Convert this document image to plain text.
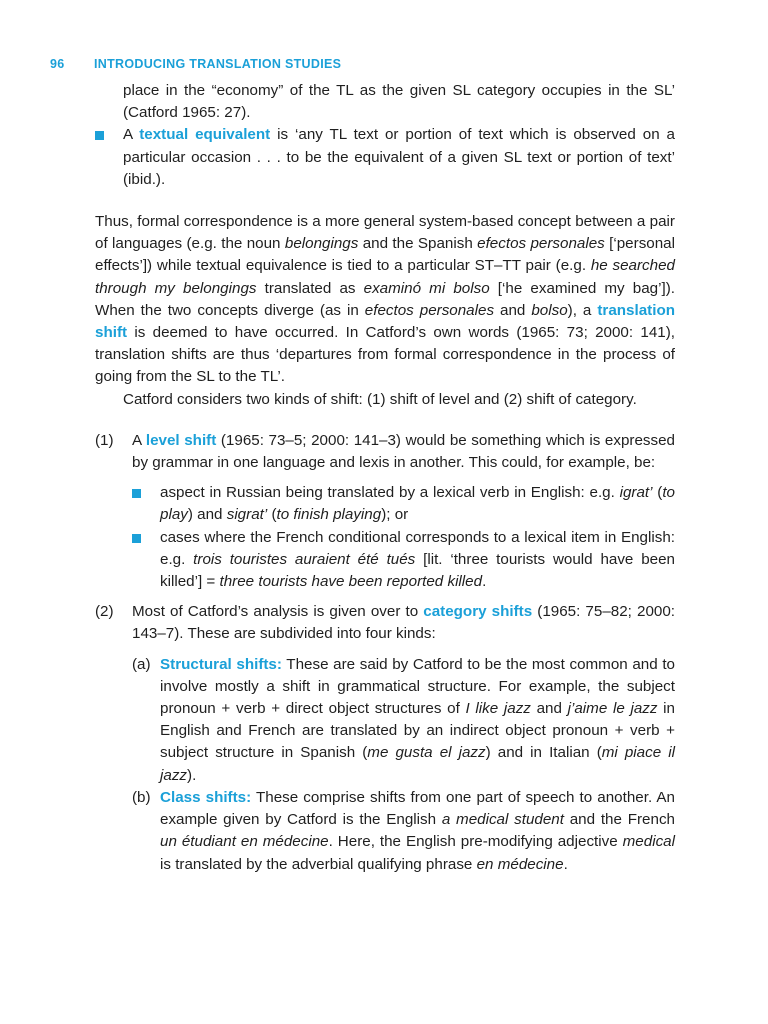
96 INTRODUCING TRANSLATION STUDIES

place in the “economy” of the TL as the given SL category occupies in the SL’ (Catford 1965: 27).

A textual equivalent is ‘any TL text or portion of text which is observed on a particular occasion . . . to be the equivalent of a given SL text or portion of text’ (ibid.).

Thus, formal correspondence is a more general system-based concept between a pair of languages (e.g. the noun belongings and the Spanish efectos personales [‘personal effects’]) while textual equivalence is tied to a particular ST–TT pair (e.g. he searched through my belongings translated as examinó mi bolso [‘he examined my bag’]). When the two concepts diverge (as in efectos personales and bolso), a translation shift is deemed to have occurred. In Catford’s own words (1965: 73; 2000: 141), translation shifts are thus ‘departures from formal correspondence in the process of going from the SL to the TL’.

Catford considers two kinds of shift: (1) shift of level and (2) shift of category.

(1) A level shift (1965: 73–5; 2000: 141–3) would be something which is expressed by grammar in one language and lexis in another. This could, for example, be:

aspect in Russian being translated by a lexical verb in English: e.g. igrat’ (to play) and sigrat’ (to finish playing); or

cases where the French conditional corresponds to a lexical item in English: e.g. trois touristes auraient été tués [lit. ‘three tourists would have been killed’] = three tourists have been reported killed.

(2) Most of Catford’s analysis is given over to category shifts (1965: 75–82; 2000: 143–7). These are subdivided into four kinds:

(a) Structural shifts: These are said by Catford to be the most common and to involve mostly a shift in grammatical structure. For example, the subject pronoun + verb + direct object structures of I like jazz and j’aime le jazz in English and French are translated by an indirect object pronoun + verb + subject structure in Spanish (me gusta el jazz) and in Italian (mi piace il jazz).

(b) Class shifts: These comprise shifts from one part of speech to another. An example given by Catford is the English a medical student and the French un étudiant en médecine. Here, the English pre-modifying adjective medical is translated by the adverbial qualifying phrase en médecine.
